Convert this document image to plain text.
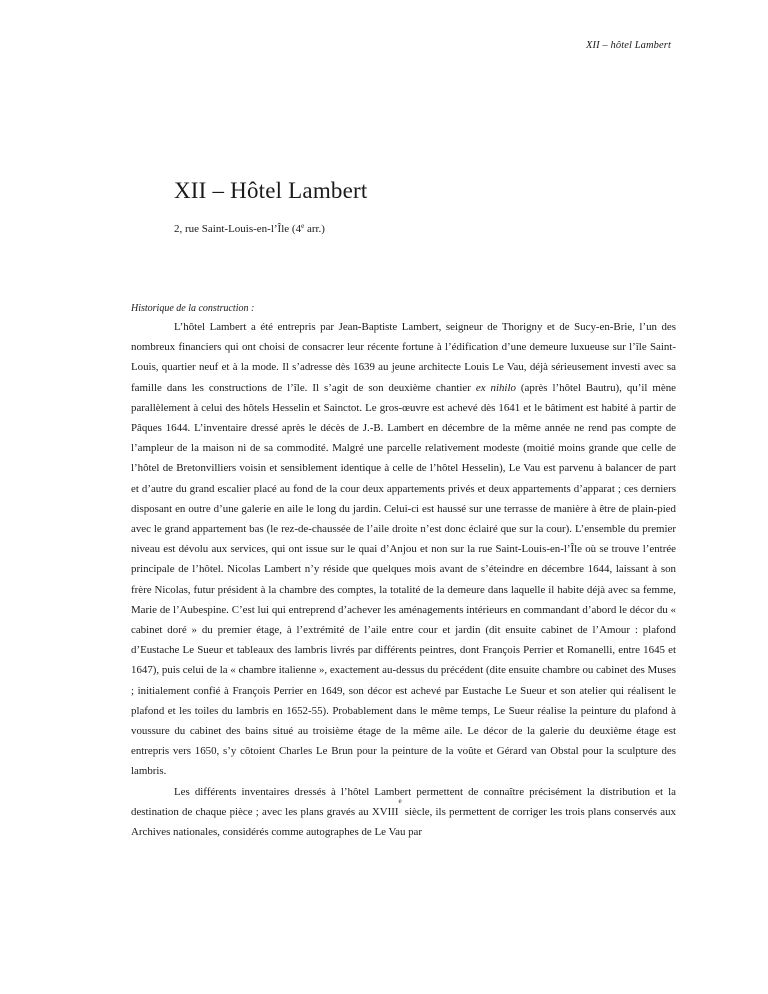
XII – hôtel Lambert
XII – Hôtel Lambert
2, rue Saint-Louis-en-l’Île (4e arr.)
Historique de la construction :

L’hôtel Lambert a été entrepris par Jean-Baptiste Lambert, seigneur de Thorigny et de Sucy-en-Brie, l’un des nombreux financiers qui ont choisi de consacrer leur récente fortune à l’édification d’une demeure luxueuse sur l’île Saint-Louis, quartier neuf et à la mode. Il s’adresse dès 1639 au jeune architecte Louis Le Vau, déjà sérieusement investi avec sa famille dans les constructions de l’île. Il s’agit de son deuxième chantier ex nihilo (après l’hôtel Bautru), qu’il mène parallèlement à celui des hôtels Hesselin et Sainctot. Le gros-œuvre est achevé dès 1641 et le bâtiment est habité à partir de Pâques 1644. L’inventaire dressé après le décès de J.-B. Lambert en décembre de la même année ne rend pas compte de l’ampleur de la maison ni de sa commodité. Malgré une parcelle relativement modeste (moitié moins grande que celle de l’hôtel de Bretonvilliers voisin et sensiblement identique à celle de l’hôtel Hesselin), Le Vau est parvenu à balancer de part et d’autre du grand escalier placé au fond de la cour deux appartements privés et deux appartements d’apparat ; ces derniers disposant en outre d’une galerie en aile le long du jardin. Celui-ci est haussé sur une terrasse de manière à être de plain-pied avec le grand appartement bas (le rez-de-chaussée de l’aile droite n’est donc éclairé que sur la cour). L’ensemble du premier niveau est dévolu aux services, qui ont issue sur le quai d’Anjou et non sur la rue Saint-Louis-en-l’Île où se trouve l’entrée principale de l’hôtel. Nicolas Lambert n’y réside que quelques mois avant de s’éteindre en décembre 1644, laissant à son frère Nicolas, futur président à la chambre des comptes, la totalité de la demeure dans laquelle il habite déjà avec sa femme, Marie de l’Aubespine. C’est lui qui entreprend d’achever les aménagements intérieurs en commandant d’abord le décor du « cabinet doré » du premier étage, à l’extrémité de l’aile entre cour et jardin (dit ensuite cabinet de l’Amour : plafond d’Eustache Le Sueur et tableaux des lambris livrés par différents peintres, dont François Perrier et Romanelli, entre 1645 et 1647), puis celui de la « chambre italienne », exactement au-dessus du précédent (dite ensuite chambre ou cabinet des Muses ; initialement confié à François Perrier en 1649, son décor est achevé par Eustache Le Sueur et son atelier qui réalisent le plafond et les toiles du lambris en 1652-55). Probablement dans le même temps, Le Sueur réalise la peinture du plafond à voussure du cabinet des bains situé au troisième étage de la même aile. Le décor de la galerie du deuxième étage est entrepris vers 1650, s’y côtoient Charles Le Brun pour la peinture de la voûte et Gérard van Obstal pour la sculpture des lambris.

Les différents inventaires dressés à l’hôtel Lambert permettent de connaître précisément la distribution et la destination de chaque pièce ; avec les plans gravés au XVIIIe siècle, ils permettent de corriger les trois plans conservés aux Archives nationales, considérés comme autographes de Le Vau par
